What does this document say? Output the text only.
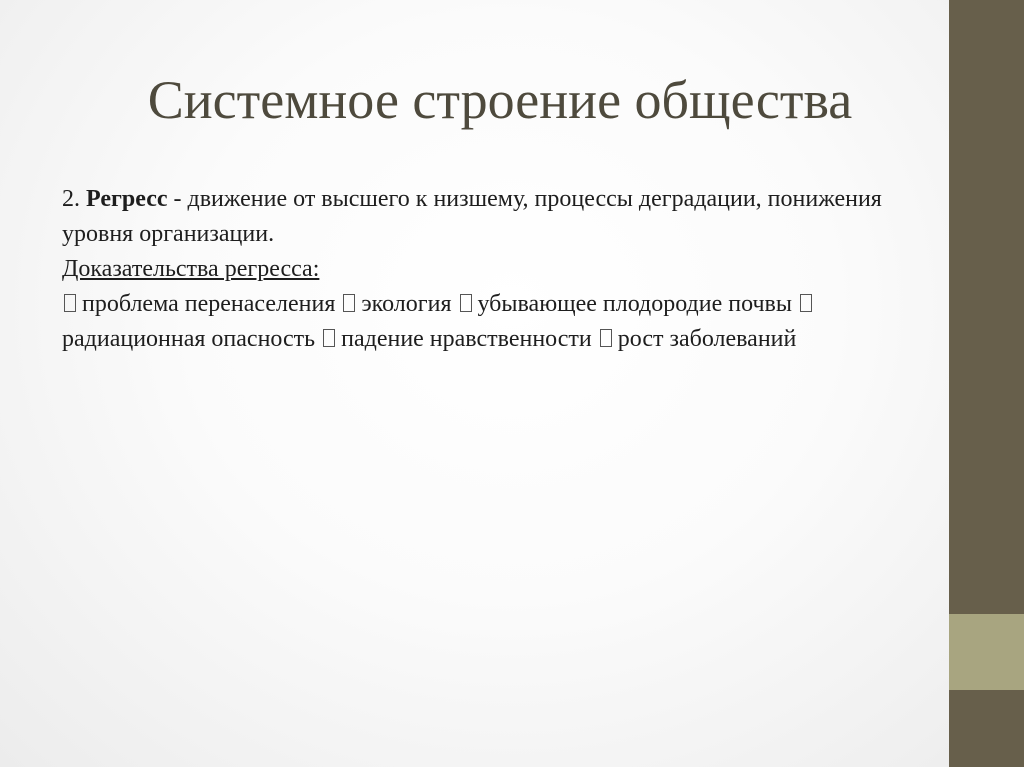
Системное строение общества

2. Регресс - движение от высшего к низшему, процессы деградации, понижения уровня организации.

Доказательства регресса:

проблема перенаселения экология убывающее плодородие почвы радиационная опасность падение нравственности рост заболеваний
